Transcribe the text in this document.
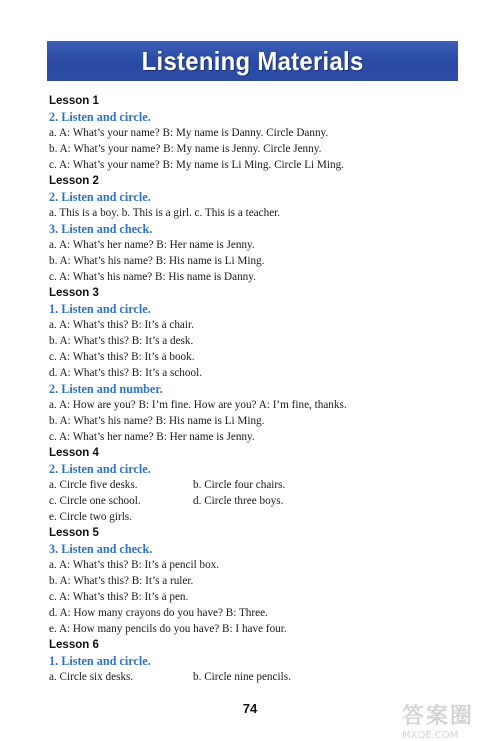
Listening Materials
Lesson 1
2. Listen and circle.
a. A: What’s your name? B: My name is Danny. Circle Danny.
b. A: What’s your name? B: My name is Jenny. Circle Jenny.
c. A: What’s your name? B: My name is Li Ming. Circle Li Ming.
Lesson 2
2. Listen and circle.
a. This is a boy. b. This is a girl. c. This is a teacher.
3. Listen and check.
a. A: What’s her name? B: Her name is Jenny.
b. A: What’s his name? B: His name is Li Ming.
c. A: What’s his name? B: His name is Danny.
Lesson 3
1. Listen and circle.
a. A: What’s this? B: It’s a chair.
b. A: What’s this? B: It’s a desk.
c. A: What’s this? B: It’s a book.
d. A: What’s this? B: It’s a school.
2. Listen and number.
a. A: How are you? B: I’m fine. How are you? A: I’m fine, thanks.
b. A: What’s his name? B: His name is Li Ming.
c. A: What’s her name? B: Her name is Jenny.
Lesson 4
2. Listen and circle.
a. Circle five desks.	b. Circle four chairs.
c. Circle one school.	d. Circle three boys.
e. Circle two girls.
Lesson 5
3. Listen and check.
a. A: What’s this? B: It’s a pencil box.
b. A: What’s this? B: It’s a ruler.
c. A: What’s this? B: It’s a pen.
d. A: How many crayons do you have? B: Three.
e. A: How many pencils do you have? B: I have four.
Lesson 6
1. Listen and circle.
a. Circle six desks.	b. Circle nine pencils.
74	答案圈
MXQE.COM
